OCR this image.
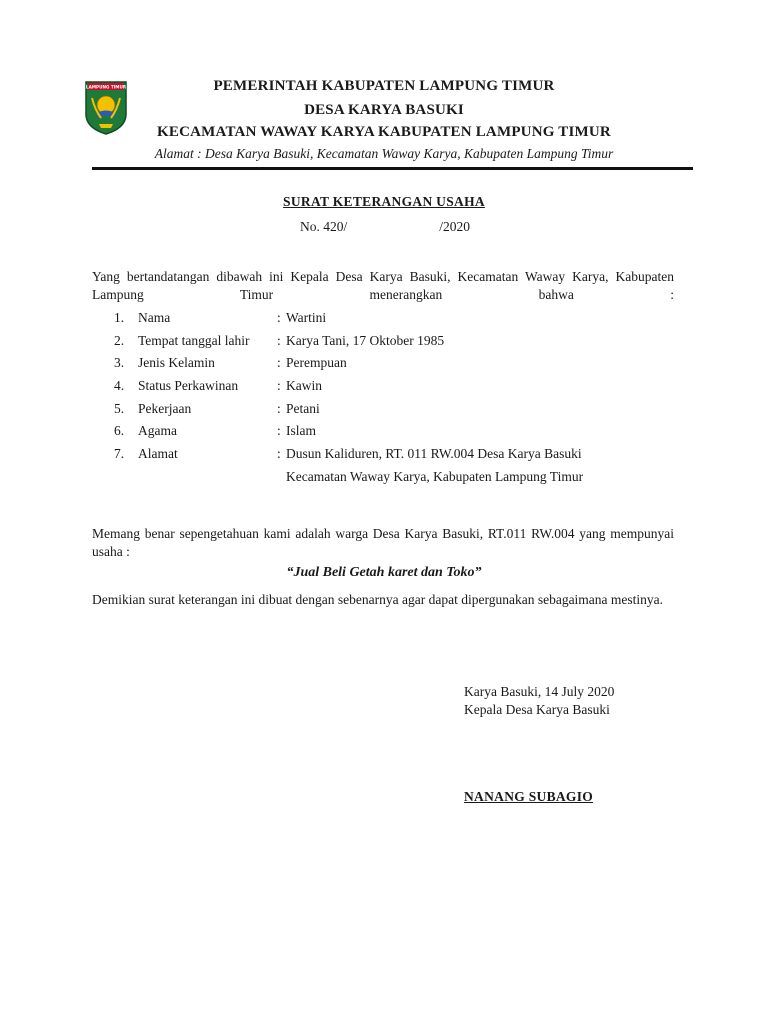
LAMPUNG TIMUR	PEMERINTAH KABUPATEN LAMPUNG TIMUR
DESA KARYA BASUKI
KECAMATAN WAWAY KARYA KABUPATEN LAMPUNG TIMUR
Alamat : Desa Karya Basuki, Kecamatan Waway Karya, Kabupaten Lampung Timur
SURAT KETERANGAN USAHA
No. 420/	/2020
Yang bertandatangan dibawah ini Kepala Desa Karya Basuki, Kecamatan Waway Karya, Kabupaten Lampung Timur menerangkan bahwa :
1. Nama	: Wartini
2. Tempat tanggal lahir : Karya Tani, 17 Oktober 1985
3. Jenis Kelamin	: Perempuan
4. Status Perkawinan	: Kawin
5. Pekerjaan	: Petani
6. Agama	: Islam
7. Alamat	: Dusun Kaliduren, RT. 011 RW.004 Desa Karya Basuki
Kecamatan Waway Karya, Kabupaten Lampung Timur
Memang benar sepengetahuan kami adalah warga Desa Karya Basuki, RT.011 RW.004 yang mempunyai usaha :
“Jual Beli Getah karet dan Toko”
Demikian surat keterangan ini dibuat dengan sebenarnya agar dapat dipergunakan sebagaimana mestinya.
Karya Basuki, 14 July 2020
Kepala Desa Karya Basuki
NANANG SUBAGIO
